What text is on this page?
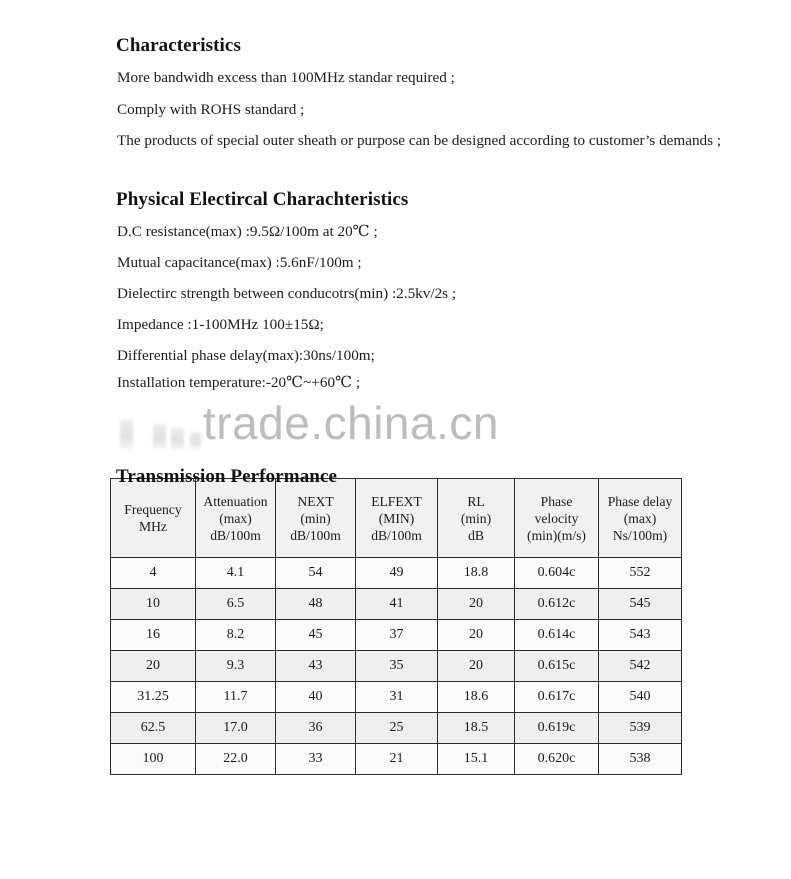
Characteristics

More bandwidh excess than 100MHz standar required ;

Comply with ROHS standard ;

The products of special outer sheath or purpose can be designed according to customer’s demands ;

Physical Electircal Charachteristics

D.C resistance(max) :9.5Ω/100m at 20℃ ;

Mutual capacitance(max) :5.6nF/100m ;

Dielectirc strength between conducotrs(min) :2.5kv/2s ;

Impedance :1-100MHz 100±15Ω;

Differential phase delay(max):30ns/100m;

Installation temperature:-20℃~+60℃ ;

trade.china.cn
Transmission Performance
Frequency
MHz	Attenuation
(max)
dB/100m	NEXT
(min)
dB/100m	ELFEXT
(MIN)
dB/100m	RL
(min)
dB	Phase
velocity
(min)(m/s)	Phase delay
(max)
Ns/100m)

4	4.1	54	49	18.8	0.604c	552
10	6.5	48	41	20	0.612c	545
16	8.2	45	37	20	0.614c	543
20	9.3	43	35	20	0.615c	542
31.25	11.7	40	31	18.6	0.617c	540
62.5	17.0	36	25	18.5	0.619c	539
100	22.0	33	21	15.1	0.620c	538
